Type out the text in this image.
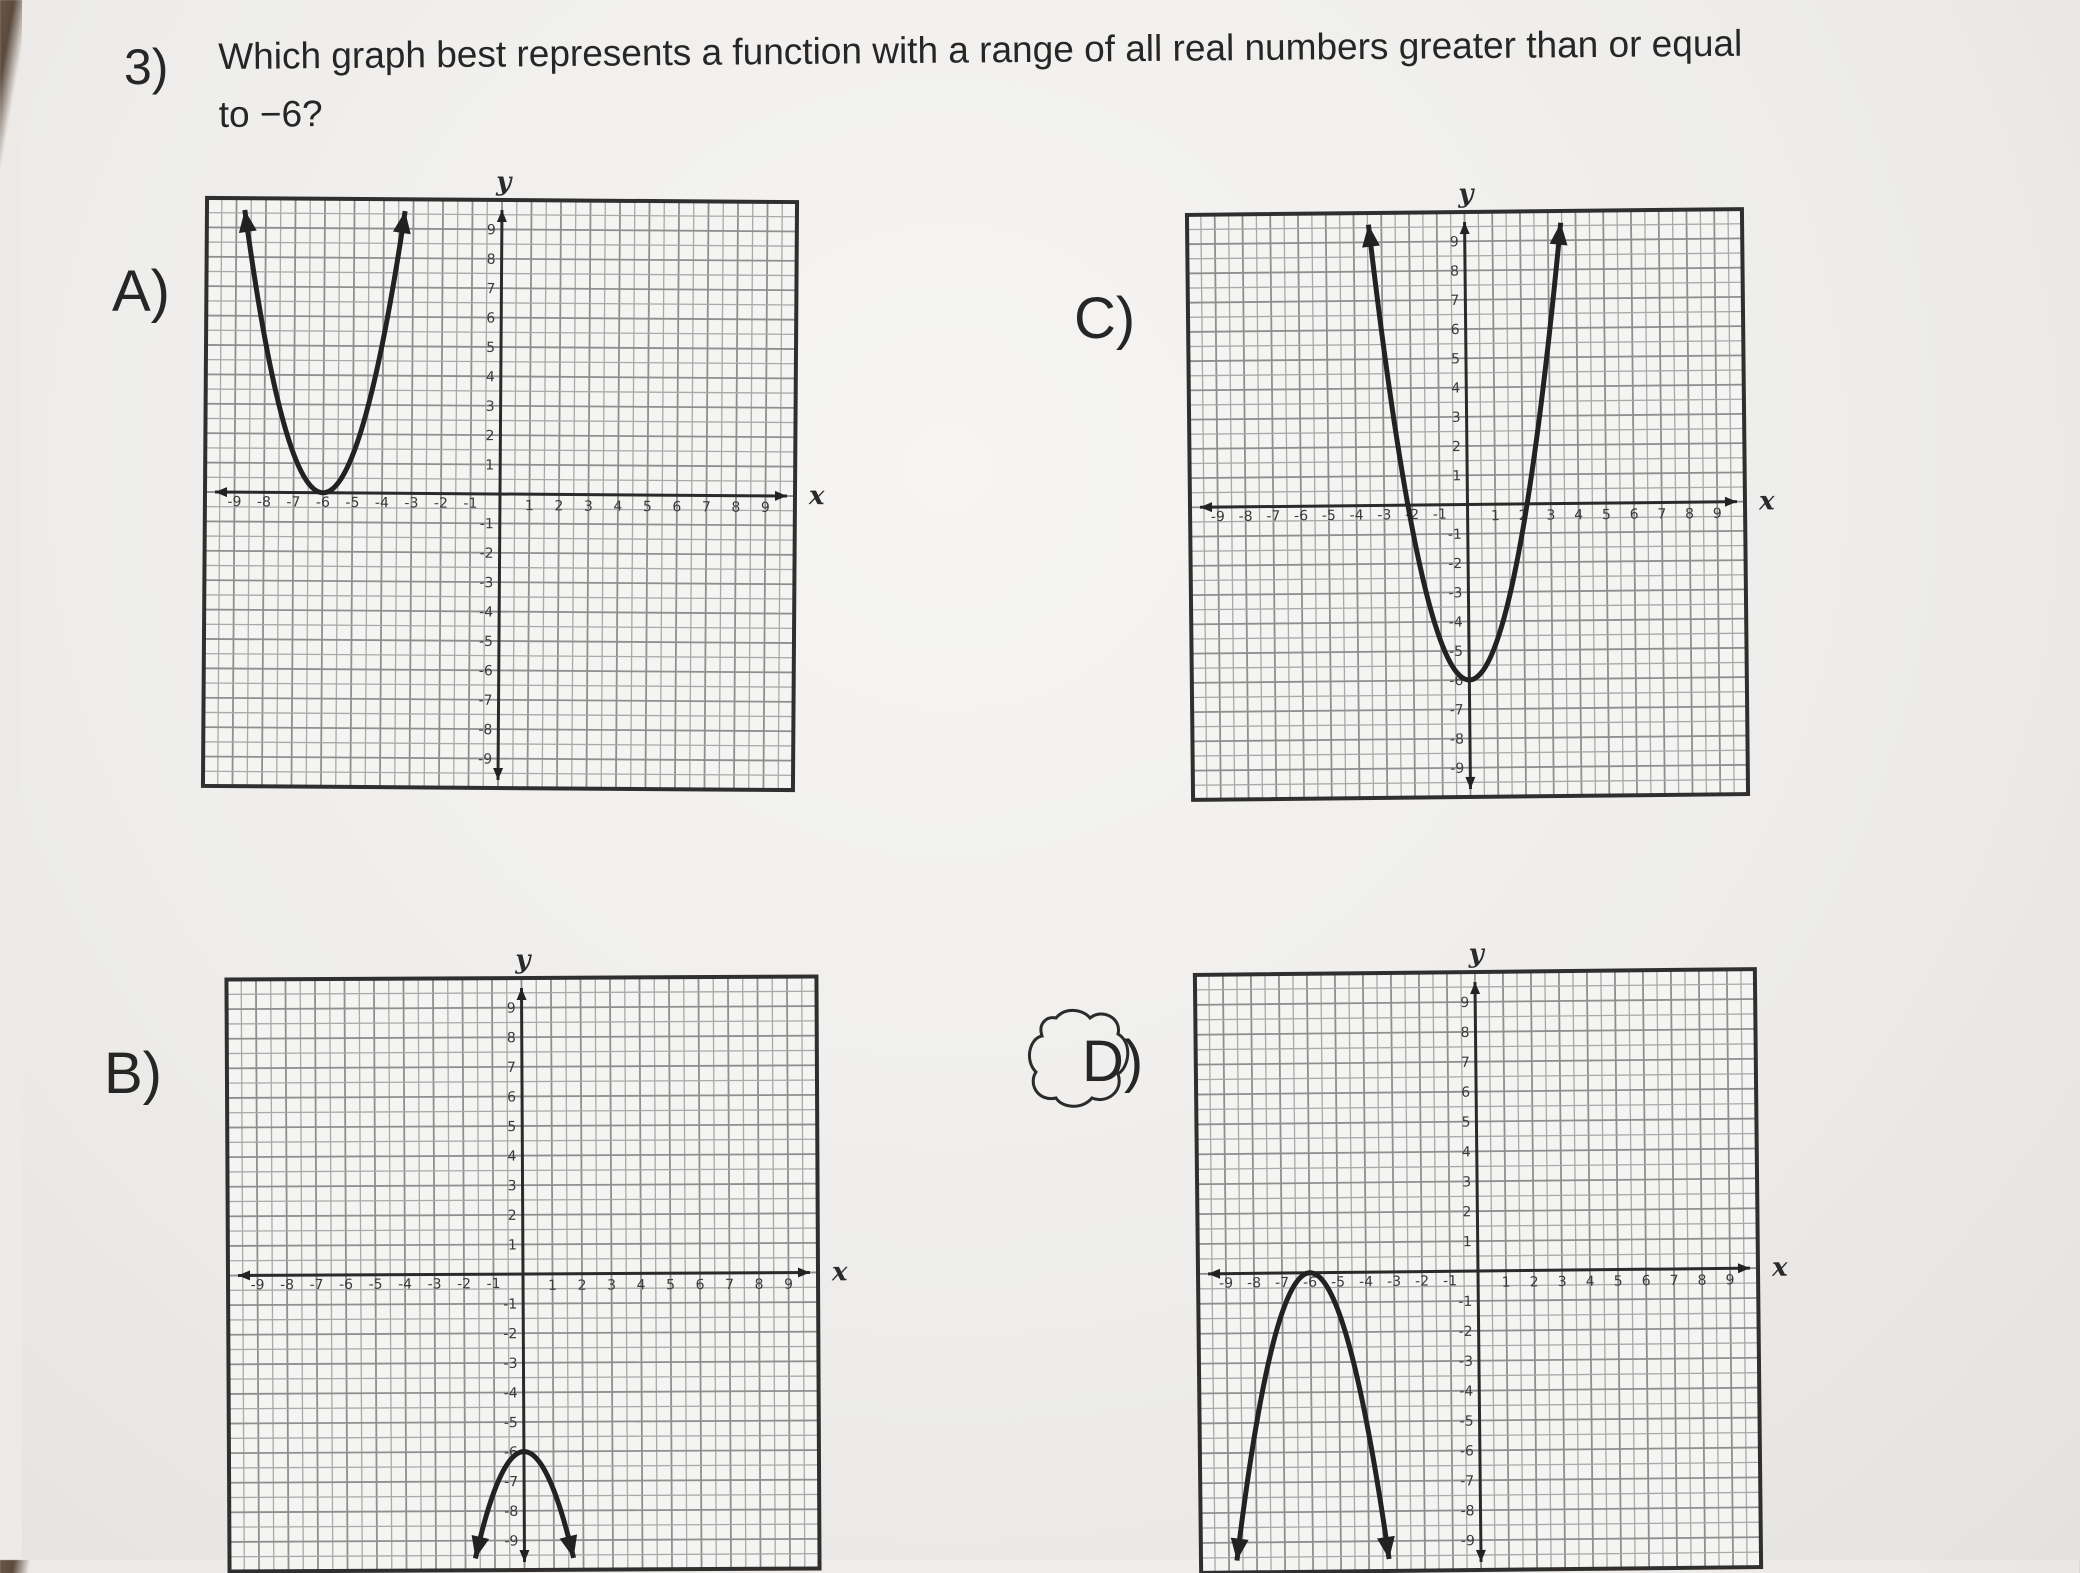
3) Which graph best represents a function with a range of all real numbers greater than or equal
to −6?
A)
B)
C)
D)
x
y
-9
-9
-8
-8
-7
-7
-6
-6
-5
-5
-4
-4
-3
-3
-2
-2
-1
-1
1
1
2
2
3
3
4
4
5
5
6
6
7
7
8
8
9
9
x
y
-9
-9
-8
-8
-7
-7
-6
-6
-5
-5
-4
-4
-3
-3
-2
-2
-1
-1
1
1
2
2
3
3
4
4
5
5
6
6
7
7
8
8
9
9
x
y
-9
-9
-8
-8
-7
-7
-6
-6
-5
-5
-4
-4
-3
-3
-2
-2
-1
-1
1
1
2
2
3
3
4
4
5
5
6
6
7
7
8
8
9
9
x
y
-9
-9
-8
-8
-7
-7
-6
-6
-5
-5
-4
-4
-3
-3
-2
-2
-1
-1
1
1
2
2
3
3
4
4
5
5
6
6
7
7
8
8
9
9
